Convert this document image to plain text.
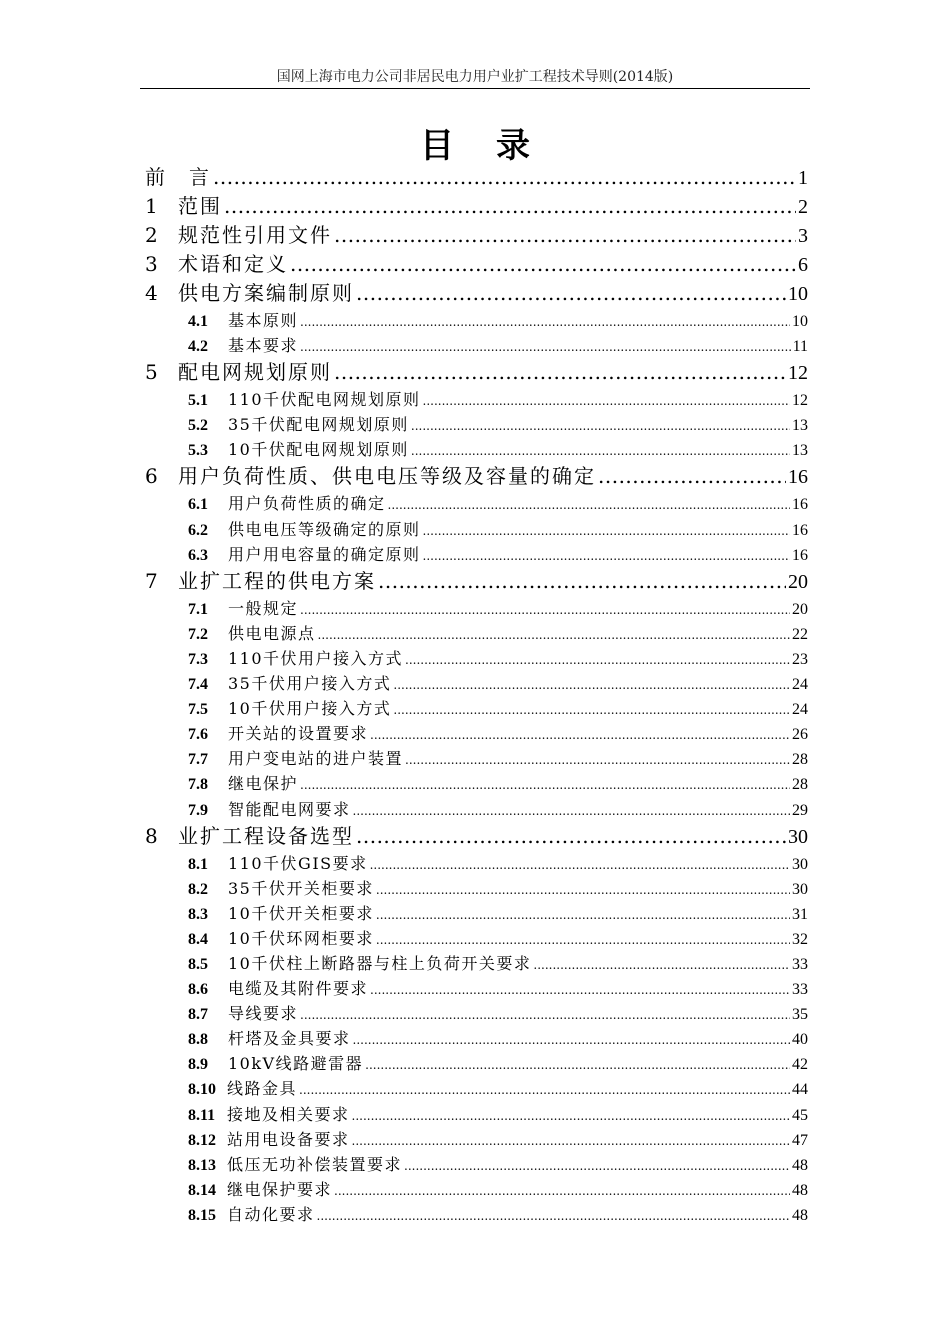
国网上海市电力公司非居民电力用户业扩工程技术导则(2014版)
目 录
前　言 .....	1
1	范围 .....	2
2	规范性引用文件 .....	3
3	术语和定义 .....	6
4	供电方案编制原则 .....	10
4.1	基本原则 .....	10
4.2	基本要求 .....	11
5	配电网规划原则 .....	12
5.1	110千伏配电网规划原则 .....	12
5.2	35千伏配电网规划原则 .....	13
5.3	10千伏配电网规划原则 .....	13
6	用户负荷性质、供电电压等级及容量的确定 .....	16
6.1	用户负荷性质的确定 .....	16
6.2	供电电压等级确定的原则 .....	16
6.3	用户用电容量的确定原则 .....	16
7	业扩工程的供电方案 .....	20
7.1	一般规定 .....	20
7.2	供电电源点 .....	22
7.3	110千伏用户接入方式 .....	23
7.4	35千伏用户接入方式 .....	24
7.5	10千伏用户接入方式 .....	24
7.6	开关站的设置要求 .....	26
7.7	用户变电站的进户装置 .....	28
7.8	继电保护 .....	28
7.9	智能配电网要求 .....	29
8	业扩工程设备选型 .....	30
8.1	110千伏GIS要求 .....	30
8.2	35千伏开关柜要求 .....	30
8.3	10千伏开关柜要求 .....	31
8.4	10千伏环网柜要求 .....	32
8.5	10千伏柱上断路器与柱上负荷开关要求 .....	33
8.6	电缆及其附件要求 .....	33
8.7	导线要求 .....	35
8.8	杆塔及金具要求 .....	40
8.9	10kV线路避雷器 .....	42
8.10 线路金具 .....	44
8.11 接地及相关要求 .....	45
8.12 站用电设备要求 .....	47
8.13 低压无功补偿装置要求 .....	48
8.14 继电保护要求 .....	48
8.15 自动化要求 .....	48
